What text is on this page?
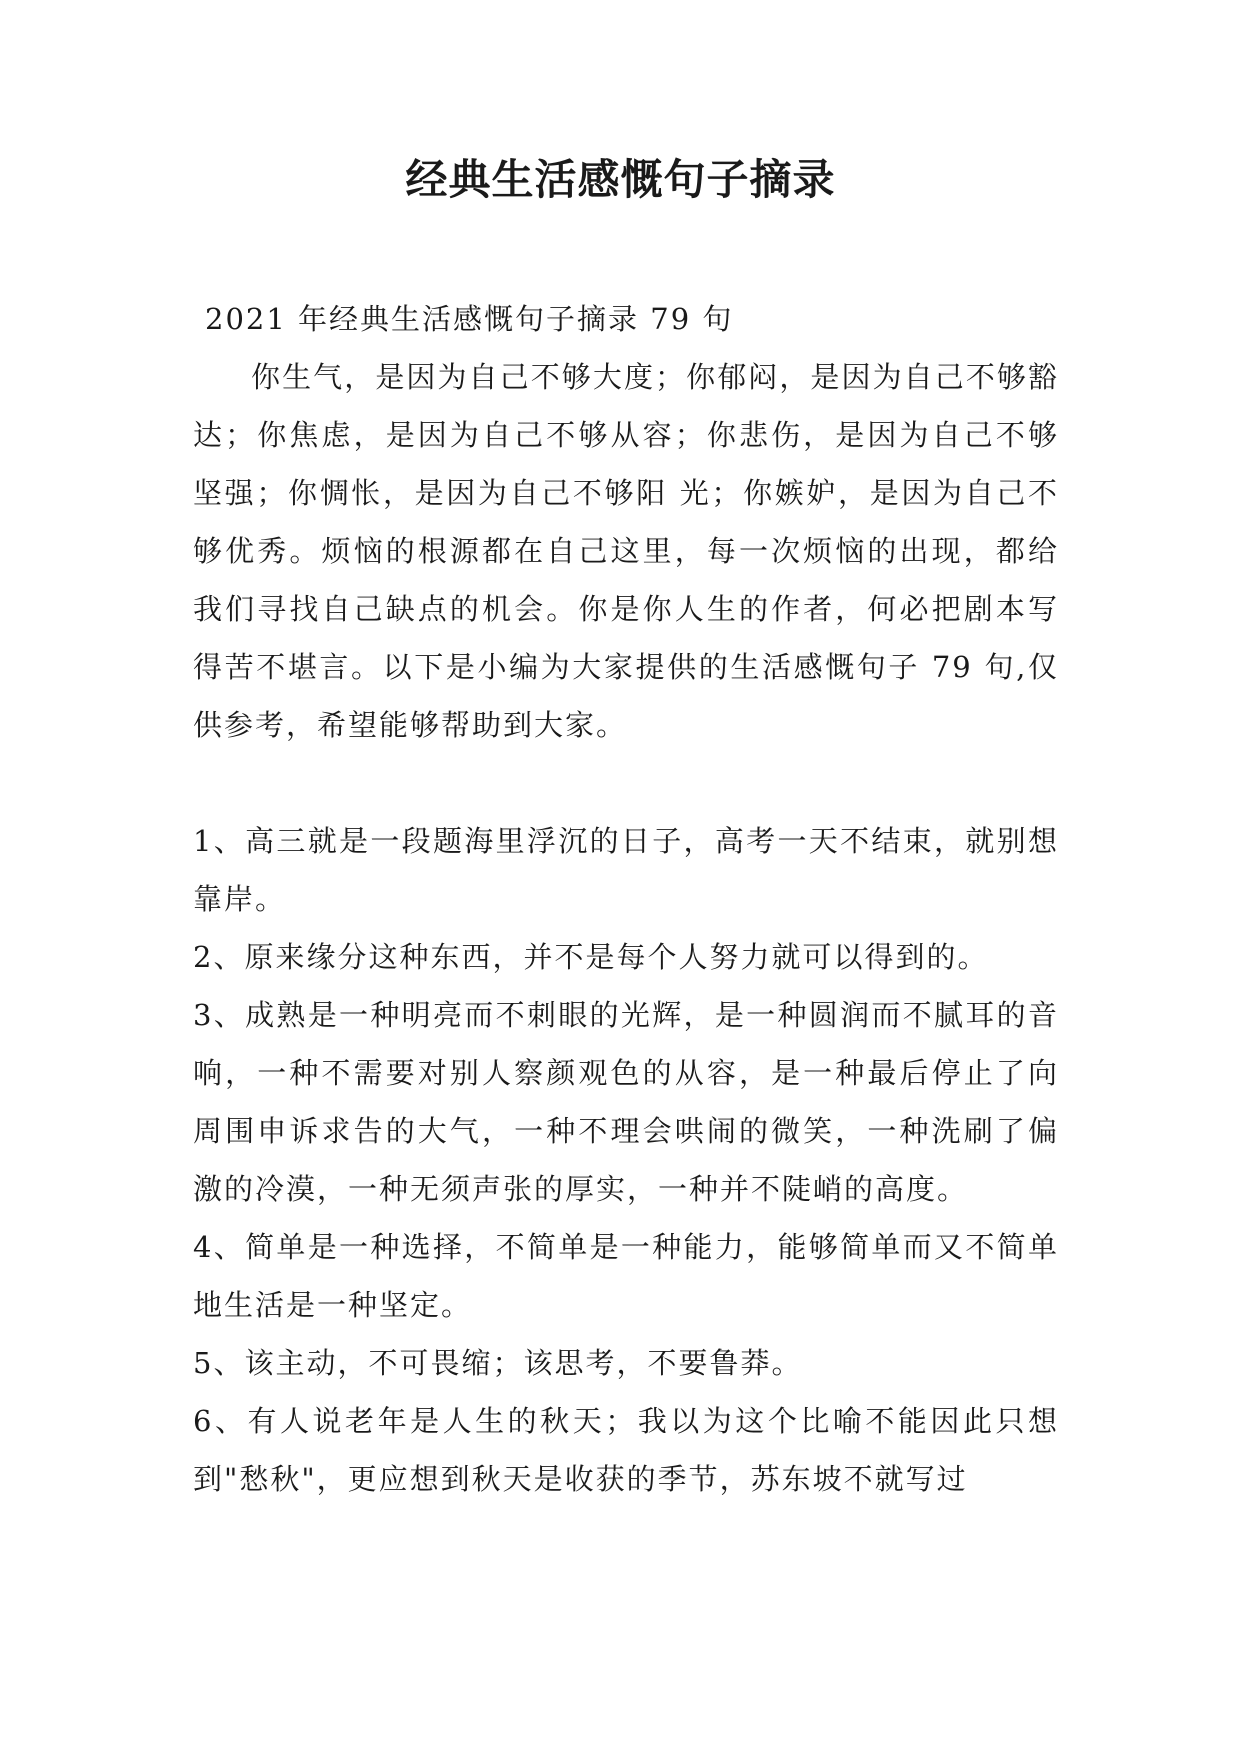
经典生活感慨句子摘录

2021 年经典生活感慨句子摘录 79 句

你生气，是因为自己不够大度；你郁闷，是因为自己不够豁达；你焦虑，是因为自己不够从容；你悲伤，是因为自己不够坚强；你惆怅，是因为自己不够阳 光；你嫉妒，是因为自己不够优秀。烦恼的根源都在自己这里，每一次烦恼的出现，都给我们寻找自己缺点的机会。你是你人生的作者，何必把剧本写得苦不堪言。以下是小编为大家提供的生活感慨句子 79 句,仅供参考，希望能够帮助到大家。

1、高三就是一段题海里浮沉的日子，高考一天不结束，就别想靠岸。

2、原来缘分这种东西，并不是每个人努力就可以得到的。

3、成熟是一种明亮而不刺眼的光辉，是一种圆润而不腻耳的音响，一种不需要对别人察颜观色的从容，是一种最后停止了向周围申诉求告的大气，一种不理会哄闹的微笑，一种洗刷了偏激的冷漠，一种无须声张的厚实，一种并不陡峭的高度。

4、简单是一种选择，不简单是一种能力，能够简单而又不简单地生活是一种坚定。

5、该主动，不可畏缩；该思考，不要鲁莽。

6、有人说老年是人生的秋天；我以为这个比喻不能因此只想到"愁秋"，更应想到秋天是收获的季节，苏东坡不就写过
